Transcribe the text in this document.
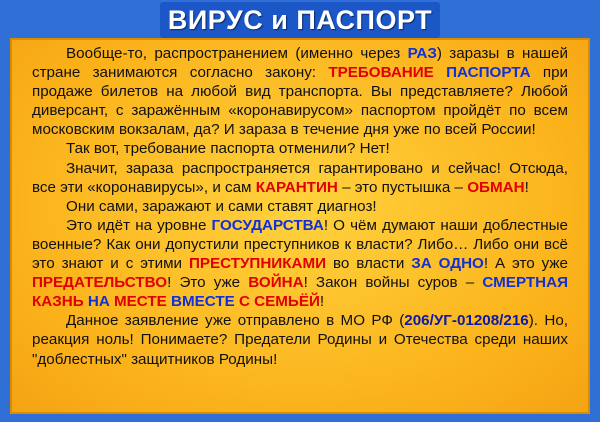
ВИРУС и ПАСПОРТ

Вообще-то, распространением (именно через РАЗ) заразы в нашей стране занимаются согласно закону: ТРЕБОВАНИЕ ПАСПОРТА при продаже билетов на любой вид транспорта. Вы представляете? Любой диверсант, с заражённым «коронавирусом» паспортом пройдёт по всем московским вокзалам, да? И зараза в течение дня уже по всей России!

Так вот, требование паспорта отменили? Нет!

Значит, зараза распространяется гарантировано и сейчас! Отсюда, все эти «коронавирусы», и сам КАРАНТИН – это пустышка – ОБМАН!

Они сами, заражают и сами ставят диагноз!

Это идёт на уровне ГОСУДАРСТВА! О чём думают наши доблестные военные? Как они допустили преступников к власти? Либо… Либо они всё это знают и с этими ПРЕСТУПНИКАМИ во власти ЗА ОДНО! А это уже ПРЕДАТЕЛЬСТВО! Это уже ВОЙНА! Закон войны суров – СМЕРТНАЯ КАЗНЬ НА МЕСТЕ ВМЕСТЕ С СЕМЬЁЙ!

Данное заявление уже отправлено в МО РФ (206/УГ-01208/216). Но, реакция ноль! Понимаете? Предатели Родины и Отечества среди наших "доблестных" защитников Родины!
